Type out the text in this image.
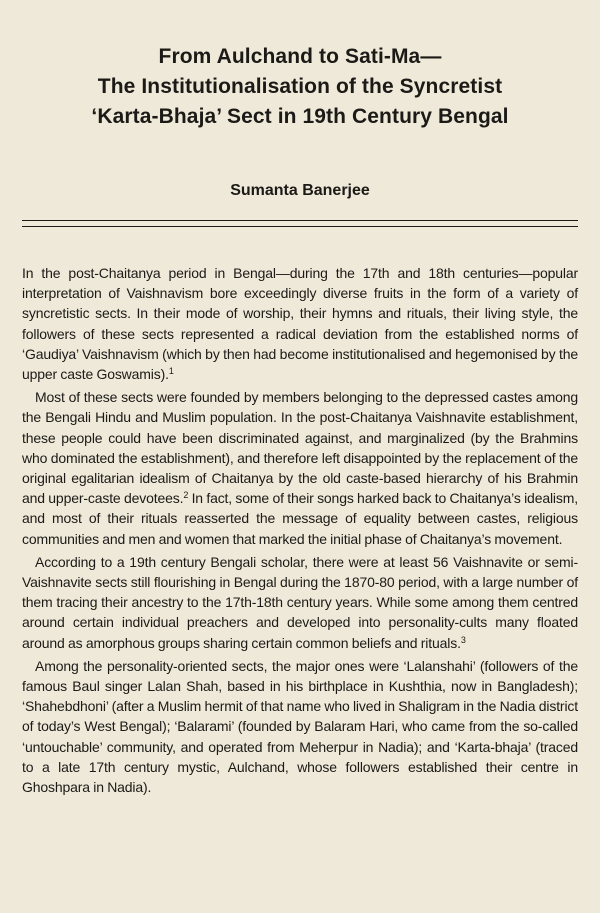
From Aulchand to Sati-Ma—
The Institutionalisation of the Syncretist
‘Karta-Bhaja’ Sect in 19th Century Bengal
Sumanta Banerjee

In the post-Chaitanya period in Bengal—during the 17th and 18th centuries—popular interpretation of Vaishnavism bore exceedingly diverse fruits in the form of a variety of syncretistic sects. In their mode of worship, their hymns and rituals, their living style, the followers of these sects represented a radical deviation from the established norms of ‘Gaudiya’ Vaishnavism (which by then had become institutionalised and hegemonised by the upper caste Goswamis).$^1$

Most of these sects were founded by members belonging to the depressed castes among the Bengali Hindu and Muslim population. In the post-Chaitanya Vaishnavite establishment, these people could have been discriminated against, and marginalized (by the Brahmins who dominated the establishment), and therefore left disappointed by the replacement of the original egalitarian idealism of Chaitanya by the old caste-based hierarchy of his Brahmin and upper-caste devotees.$^2$ In fact, some of their songs harked back to Chaitanya’s idealism, and most of their rituals reasserted the message of equality between castes, religious communities and men and women that marked the initial phase of Chaitanya’s movement.

According to a 19th century Bengali scholar, there were at least 56 Vaishnavite or semi-Vaishnavite sects still flourishing in Bengal during the 1870-80 period, with a large number of them tracing their ancestry to the 17th-18th century years. While some among them centred around certain individual preachers and developed into personality-cults many floated around as amorphous groups sharing certain common beliefs and rituals.$^3$

Among the personality-oriented sects, the major ones were ‘Lalanshahi’ (followers of the famous Baul singer Lalan Shah, based in his birthplace in Kushthia, now in Bangladesh); ‘Shahebdhoni’ (after a Muslim hermit of that name who lived in Shaligram in the Nadia district of today’s West Bengal); ‘Balarami’ (founded by Balaram Hari, who came from the so-called ‘untouchable’ community, and operated from Meherpur in Nadia); and ‘Karta-bhaja’ (traced to a late 17th century mystic, Aulchand, whose followers established their centre in Ghoshpara in Nadia).
